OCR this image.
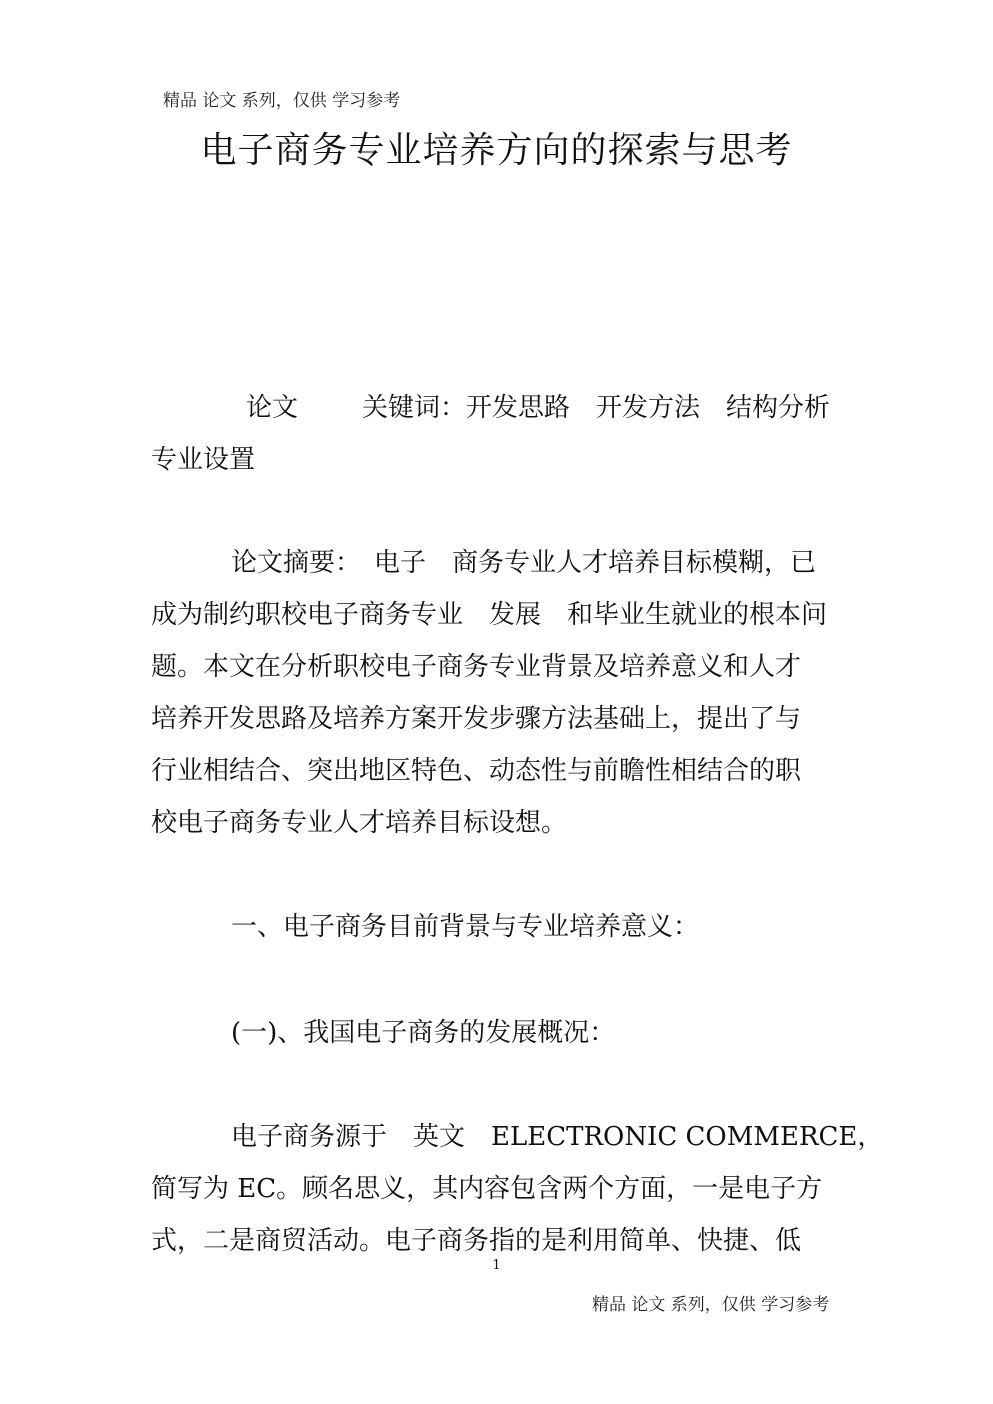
精品 论文 系列，仅供 学习参考
电子商务专业培养方向的探索与思考
论文 关键词：开发思路　开发方法　结构分析
专业设置
论文摘要：　电子　商务专业人才培养目标模糊，已
成为制约职校电子商务专业　发展　和毕业生就业的根本问
题。本文在分析职校电子商务专业背景及培养意义和人才
培养开发思路及培养方案开发步骤方法基础上，提出了与
行业相结合、突出地区特色、动态性与前瞻性相结合的职
校电子商务专业人才培养目标设想。
一、电子商务目前背景与专业培养意义：
(一)、我国电子商务的发展概况：
电子商务源于　英文　ELECTRONIC COMMERCE，
简写为 EC。顾名思义，其内容包含两个方面，一是电子方
式，二是商贸活动。电子商务指的是利用简单、快捷、低
1
精品 论文 系列，仅供 学习参考
